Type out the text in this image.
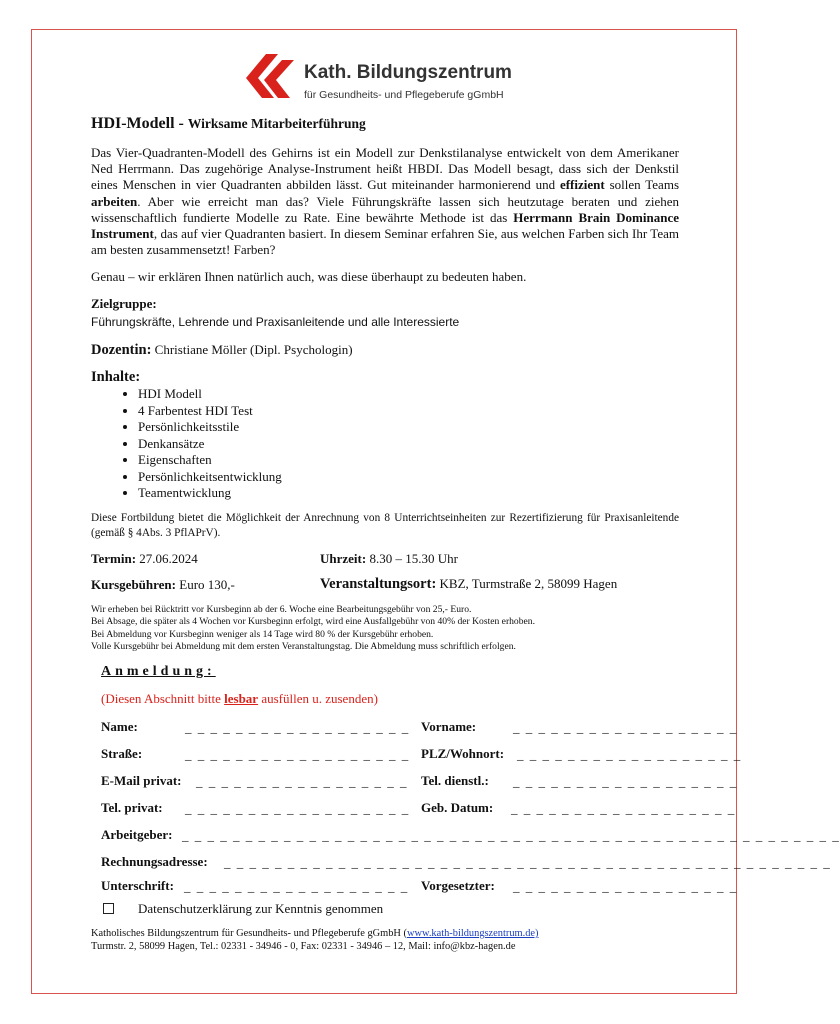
Kath. Bildungszentrum
für Gesundheits- und Pflegeberufe gGmbH
HDI-Modell - Wirksame Mitarbeiterführung
Das Vier-Quadranten-Modell des Gehirns ist ein Modell zur Denkstilanalyse entwickelt von dem Amerikaner Ned Herrmann. Das zugehörige Analyse-Instrument heißt HBDI. Das Modell besagt, dass sich der Denkstil eines Menschen in vier Quadranten abbilden lässt. Gut miteinander harmonierend und effizient sollen Teams arbeiten. Aber wie erreicht man das? Viele Führungskräfte lassen sich heutzutage beraten und ziehen wissenschaftlich fundierte Modelle zu Rate. Eine bewährte Methode ist das Herrmann Brain Dominance Instrument, das auf vier Quadranten basiert. In diesem Seminar erfahren Sie, aus welchen Farben sich Ihr Team am besten zusammensetzt! Farben?
Genau – wir erklären Ihnen natürlich auch, was diese überhaupt zu bedeuten haben.
Zielgruppe:
Führungskräfte, Lehrende und Praxisanleitende und alle Interessierte
Dozentin: Christiane Möller (Dipl. Psychologin)
Inhalte:
• HDI Modell
• 4 Farbentest HDI Test
• Persönlichkeitsstile
• Denkansätze
• Eigenschaften
• Persönlichkeitsentwicklung
• Teamentwicklung
Diese Fortbildung bietet die Möglichkeit der Anrechnung von 8 Unterrichtseinheiten zur Rezertifizierung für Praxisanleitende (gemäß § 4Abs. 3 PflAPrV).
Termin: 27.06.2024	Uhrzeit: 8.30 – 15.30 Uhr
Kursgebühren: Euro 130,-	Veranstaltungsort: KBZ, Turmstraße 2, 58099 Hagen
Wir erheben bei Rücktritt vor Kursbeginn ab der 6. Woche eine Bearbeitungsgebühr von 25,- Euro.
Bei Absage, die später als 4 Wochen vor Kursbeginn erfolgt, wird eine Ausfallgebühr von 40% der Kosten erhoben.
Bei Abmeldung vor Kursbeginn weniger als 14 Tage wird 80 % der Kursgebühr erhoben.
Volle Kursgebühr bei Abmeldung mit dem ersten Veranstaltungstag. Die Abmeldung muss schriftlich erfolgen.
Anmeldung:
(Diesen Abschnitt bitte lesbar ausfüllen u. zusenden)
Name:	_ _ _ _ _ _ _ _ _ _ _ _ _ _ _ _ _ _ Vorname:	_ _ _ _ _ _ _ _ _ _ _ _ _ _ _ _ _ _
Straße:	_ _ _ _ _ _ _ _ _ _ _ _ _ _ _ _ _ _ PLZ/Wohnort: _ _ _ _ _ _ _ _ _ _ _ _ _ _ _ _ _ _
E-Mail privat: _ _ _ _ _ _ _ _ _ _ _ _ _ _ _ _ _ Tel. dienstl.: _ _ _ _ _ _ _ _ _ _ _ _ _ _ _ _ _ _
Tel. privat: _ _ _ _ _ _ _ _ _ _ _ _ _ _ _ _ _ _ Geb. Datum: _ _ _ _ _ _ _ _ _ _ _ _ _ _ _ _ _ _
Arbeitgeber: _ _ _ _ _ _ _ _ _ _ _ _ _ _ _ _ _ _ _ _ _ _ _ _ _ _ _ _ _ _ _ _ _ _ _ _ _ _ _ _ _ _ _ _ _ _ _ _ _ _ _ _
Rechnungsadresse: _ _ _ _ _ _ _ _ _ _ _ _ _ _ _ _ _ _ _ _ _ _ _ _ _ _ _ _ _ _ _ _ _ _ _ _ _ _ _ _ _ _ _ _ _ _ _ _
Unterschrift: _ _ _ _ _ _ _ _ _ _ _ _ _ _ _ _ _ _ Vorgesetzter: _ _ _ _ _ _ _ _ _ _ _ _ _ _ _ _ _ _
Datenschutzerklärung zur Kenntnis genommen
Katholisches Bildungszentrum für Gesundheits- und Pflegeberufe gGmbH (www.kath-bildungszentrum.de)
Turmstr. 2, 58099 Hagen, Tel.: 02331 - 34946 - 0, Fax: 02331 - 34946 – 12, Mail: info@kbz-hagen.de
